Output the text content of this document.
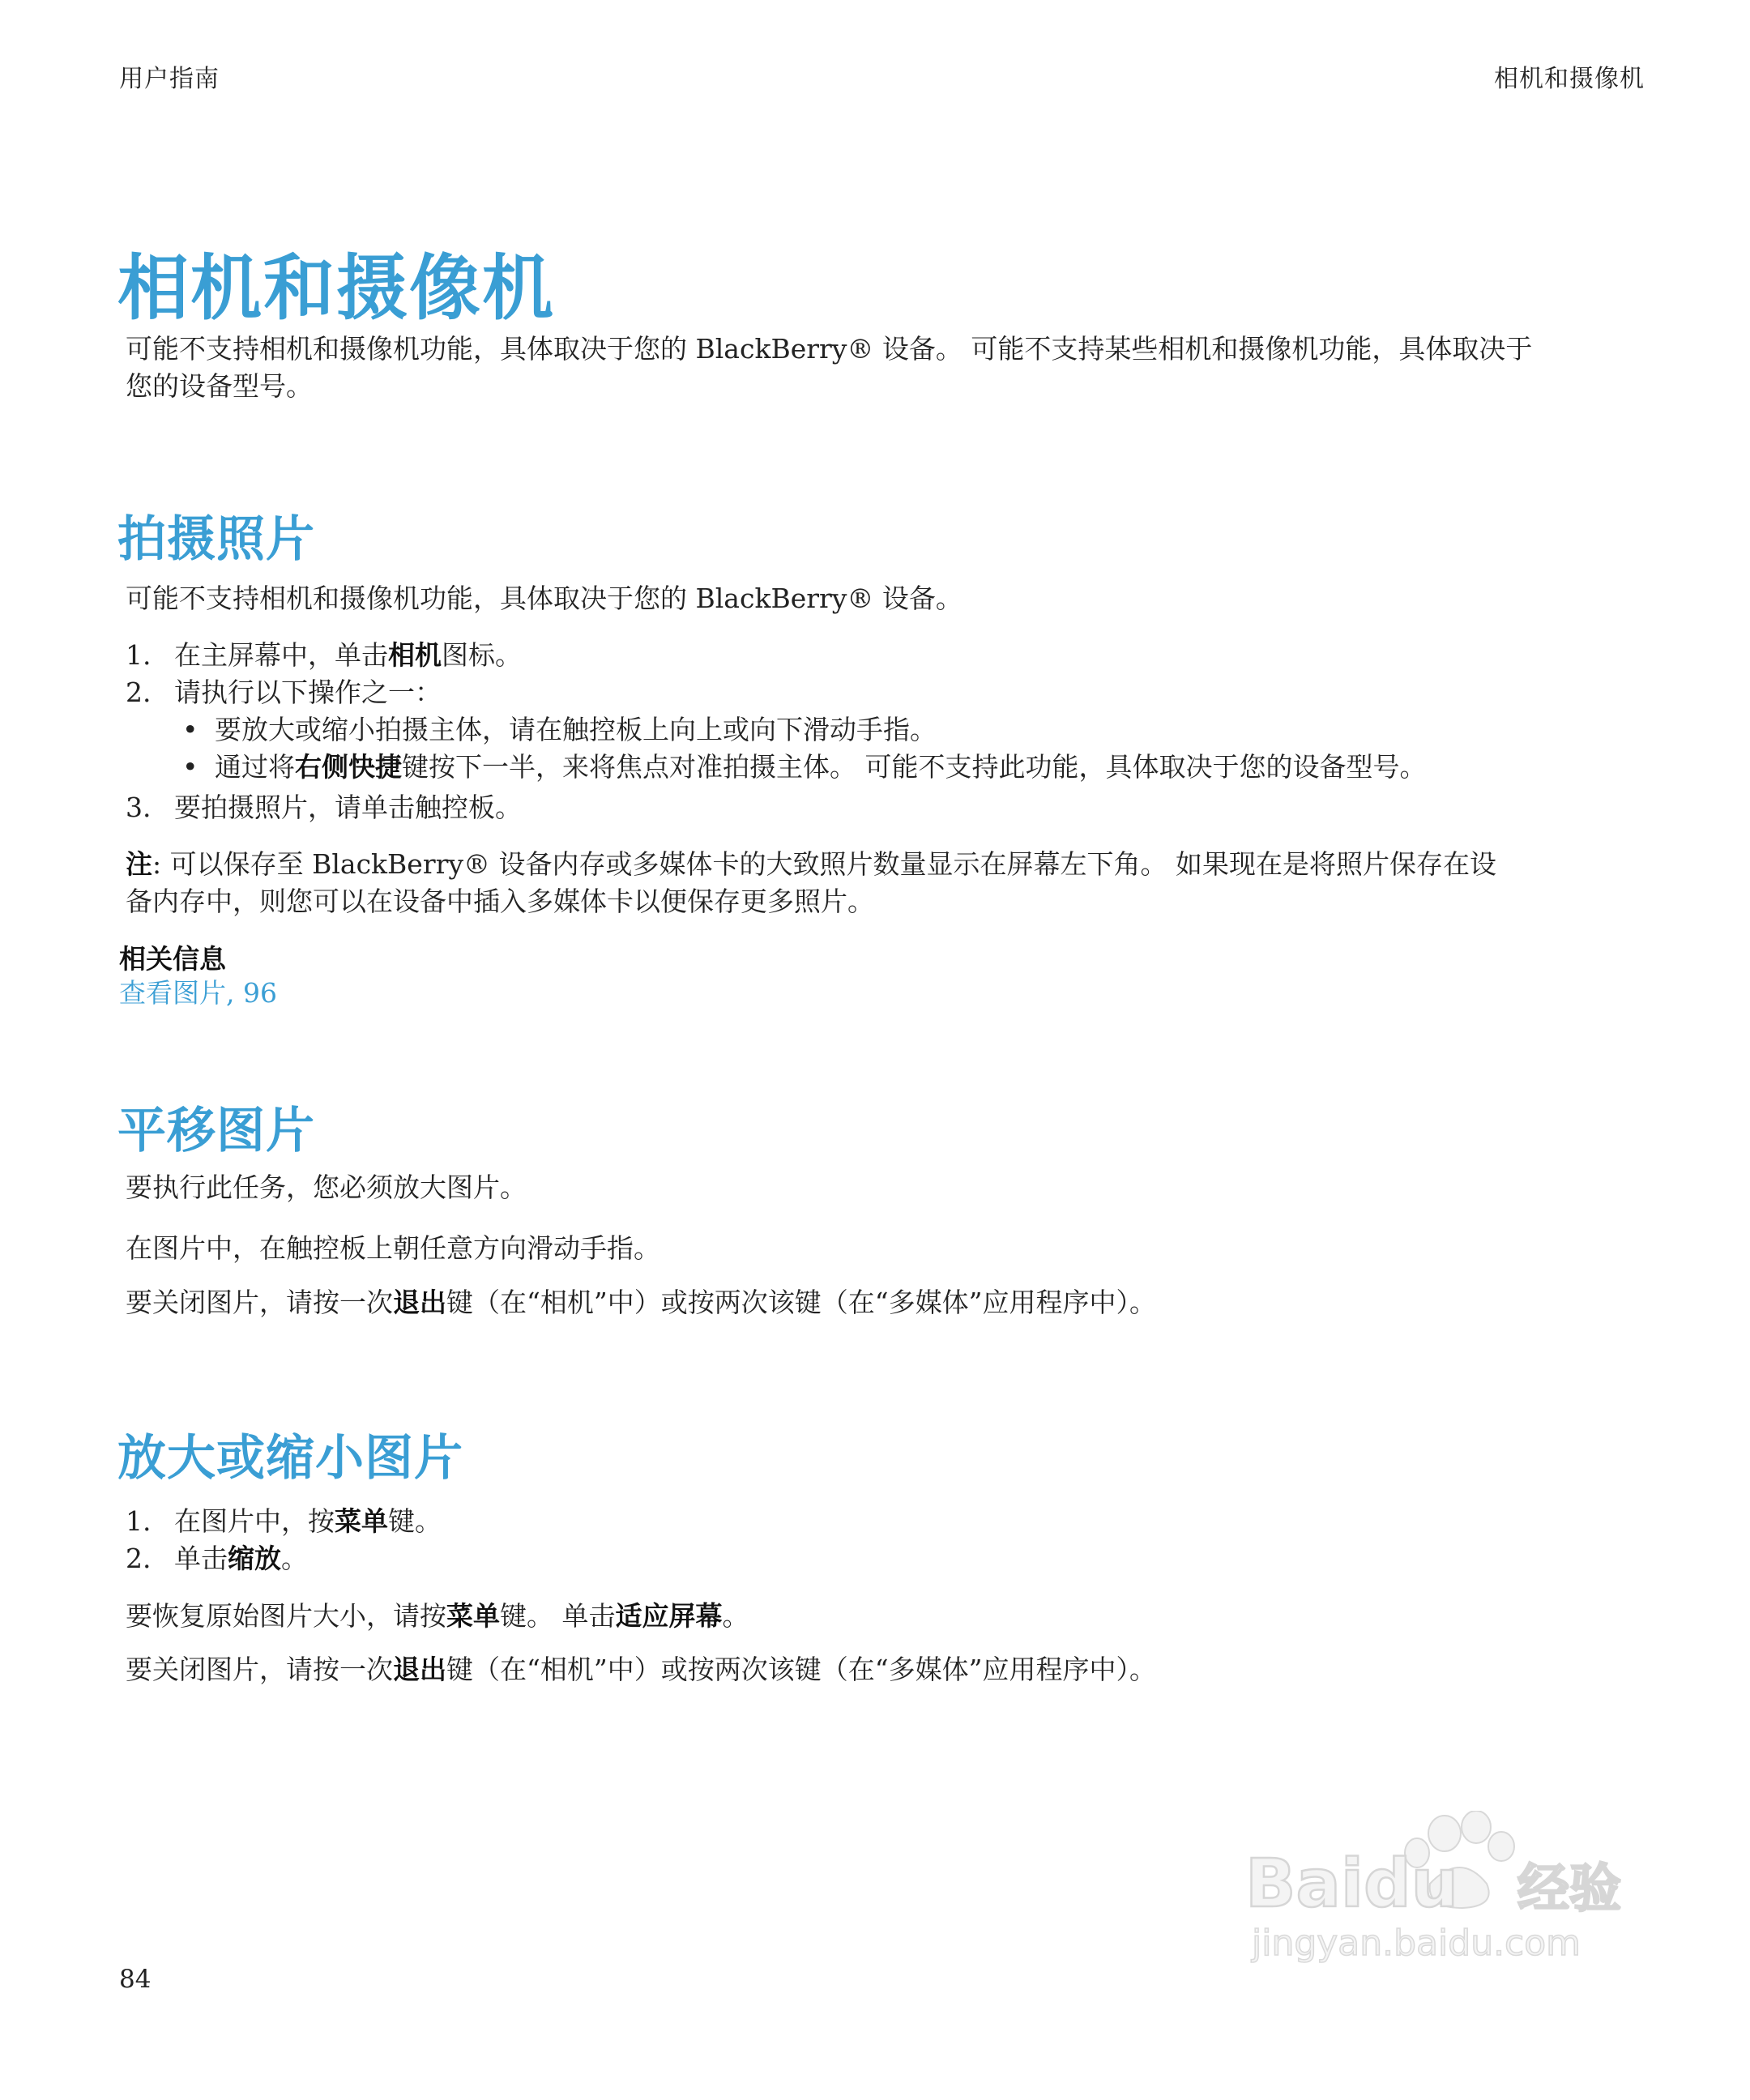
用户指南	相机和摄像机
相机和摄像机
可能不支持相机和摄像机功能，具体取决于您的 BlackBerry® 设备。 可能不支持某些相机和摄像机功能，具体取决于
您的设备型号。
拍摄照片
可能不支持相机和摄像机功能，具体取决于您的 BlackBerry® 设备。
1. 在主屏幕中，单击相机图标。
2. 请执行以下操作之一：
• 要放大或缩小拍摄主体，请在触控板上向上或向下滑动手指。
• 通过将右侧快捷键按下一半，来将焦点对准拍摄主体。 可能不支持此功能，具体取决于您的设备型号。
3. 要拍摄照片，请单击触控板。
注: 可以保存至 BlackBerry® 设备内存或多媒体卡的大致照片数量显示在屏幕左下角。 如果现在是将照片保存在设
备内存中，则您可以在设备中插入多媒体卡以便保存更多照片。
相关信息
查看图片, 96
平移图片
要执行此任务，您必须放大图片。
在图片中，在触控板上朝任意方向滑动手指。
要关闭图片，请按一次退出键（在“相机”中）或按两次该键（在“多媒体”应用程序中）。
放大或缩小图片
1. 在图片中，按菜单键。
2. 单击缩放。
要恢复原始图片大小，请按菜单键。 单击适应屏幕。
要关闭图片，请按一次退出键（在“相机”中）或按两次该键（在“多媒体”应用程序中）。
84
Baidu 经验
jingyan.baidu.com
